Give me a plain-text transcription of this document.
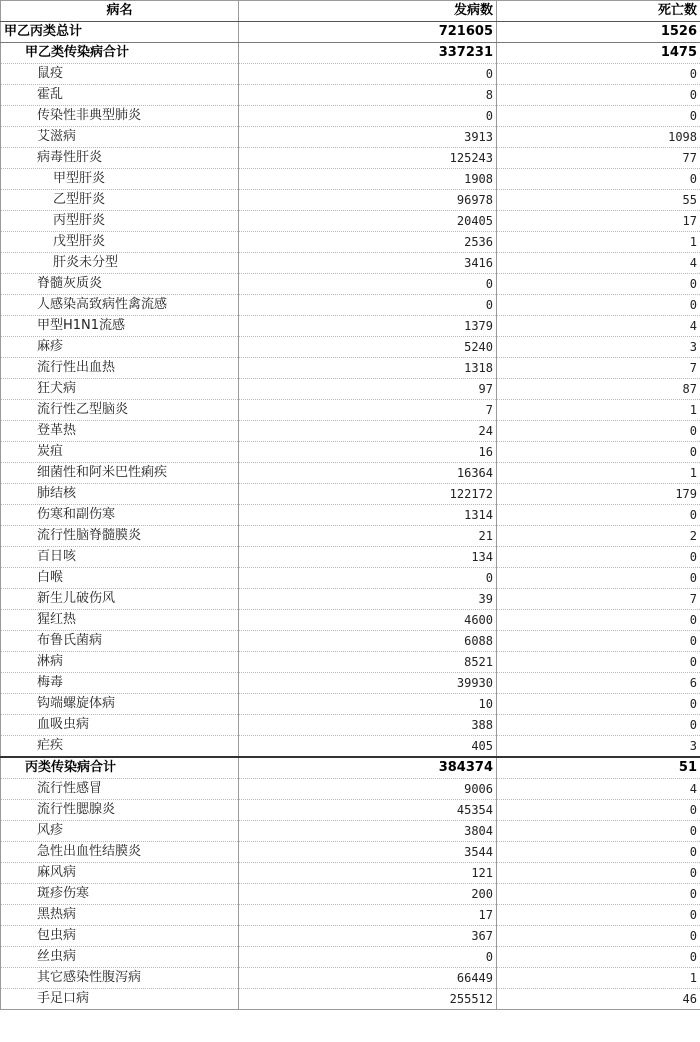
病名	发病数	死亡数
甲乙丙类总计	721605	1526
甲乙类传染病合计	337231	1475
鼠疫	0	0
霍乱	8	0
传染性非典型肺炎	0	0
艾滋病	3913	1098
病毒性肝炎	125243	77
甲型肝炎	1908	0
乙型肝炎	96978	55
丙型肝炎	20405	17
戊型肝炎	2536	1
肝炎未分型	3416	4
脊髓灰质炎	0	0
人感染高致病性禽流感	0	0
甲型H1N1流感	1379	4
麻疹	5240	3
流行性出血热	1318	7
狂犬病	97	87
流行性乙型脑炎	7	1
登革热	24	0
炭疽	16	0
细菌性和阿米巴性痢疾	16364	1
肺结核	122172	179
伤寒和副伤寒	1314	0
流行性脑脊髓膜炎	21	2
百日咳	134	0
白喉	0	0
新生儿破伤风	39	7
猩红热	4600	0
布鲁氏菌病	6088	0
淋病	8521	0
梅毒	39930	6
钩端螺旋体病	10	0
血吸虫病	388	0
疟疾	405	3
丙类传染病合计	384374	51
流行性感冒	9006	4
流行性腮腺炎	45354	0
风疹	3804	0
急性出血性结膜炎	3544	0
麻风病	121	0
斑疹伤寒	200	0
黑热病	17	0
包虫病	367	0
丝虫病	0	0
其它感染性腹泻病	66449	1
手足口病	255512	46
